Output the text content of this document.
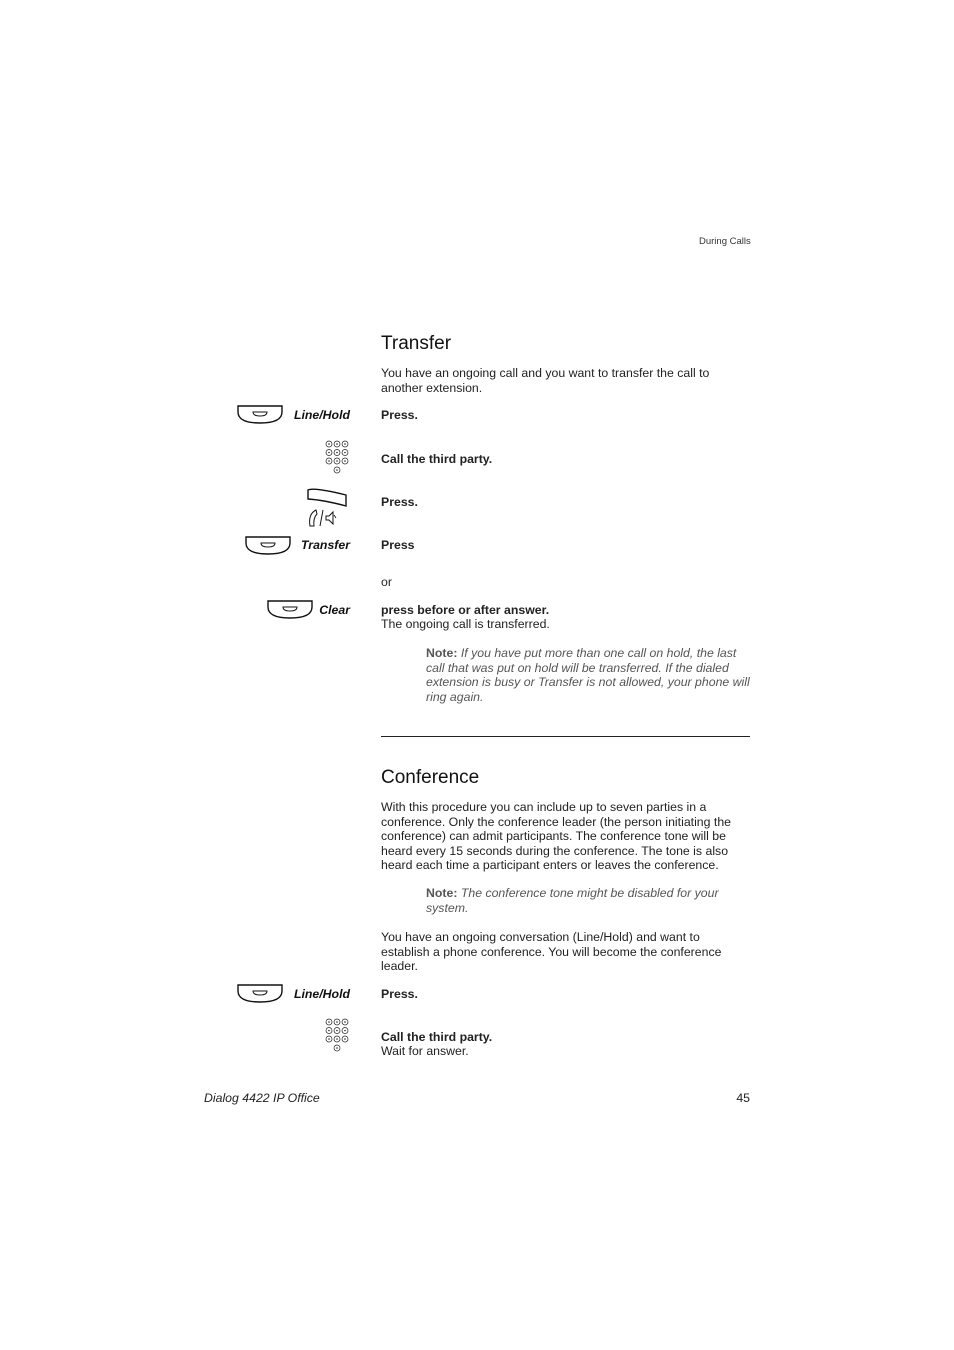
During Calls
Transfer
You have an ongoing call and you want to transfer the call to another extension.
Line/Hold	Press.
Call the third party.
Press.
Transfer	Press
or
Clear	press before or after answer.
The ongoing call is transferred.
Note: If you have put more than one call on hold, the last call that was put on hold will be transferred. If the dialed extension is busy or Transfer is not allowed, your phone will ring again.
Conference
With this procedure you can include up to seven parties in a conference. Only the conference leader (the person initiating the conference) can admit participants. The conference tone will be heard every 15 seconds during the conference. The tone is also heard each time a participant enters or leaves the conference.
Note: The conference tone might be disabled for your system.
You have an ongoing conversation (Line/Hold) and want to establish a phone conference. You will become the conference leader.
Line/Hold	Press.
Call the third party.
Wait for answer.
Dialog 4422 IP Office	45
